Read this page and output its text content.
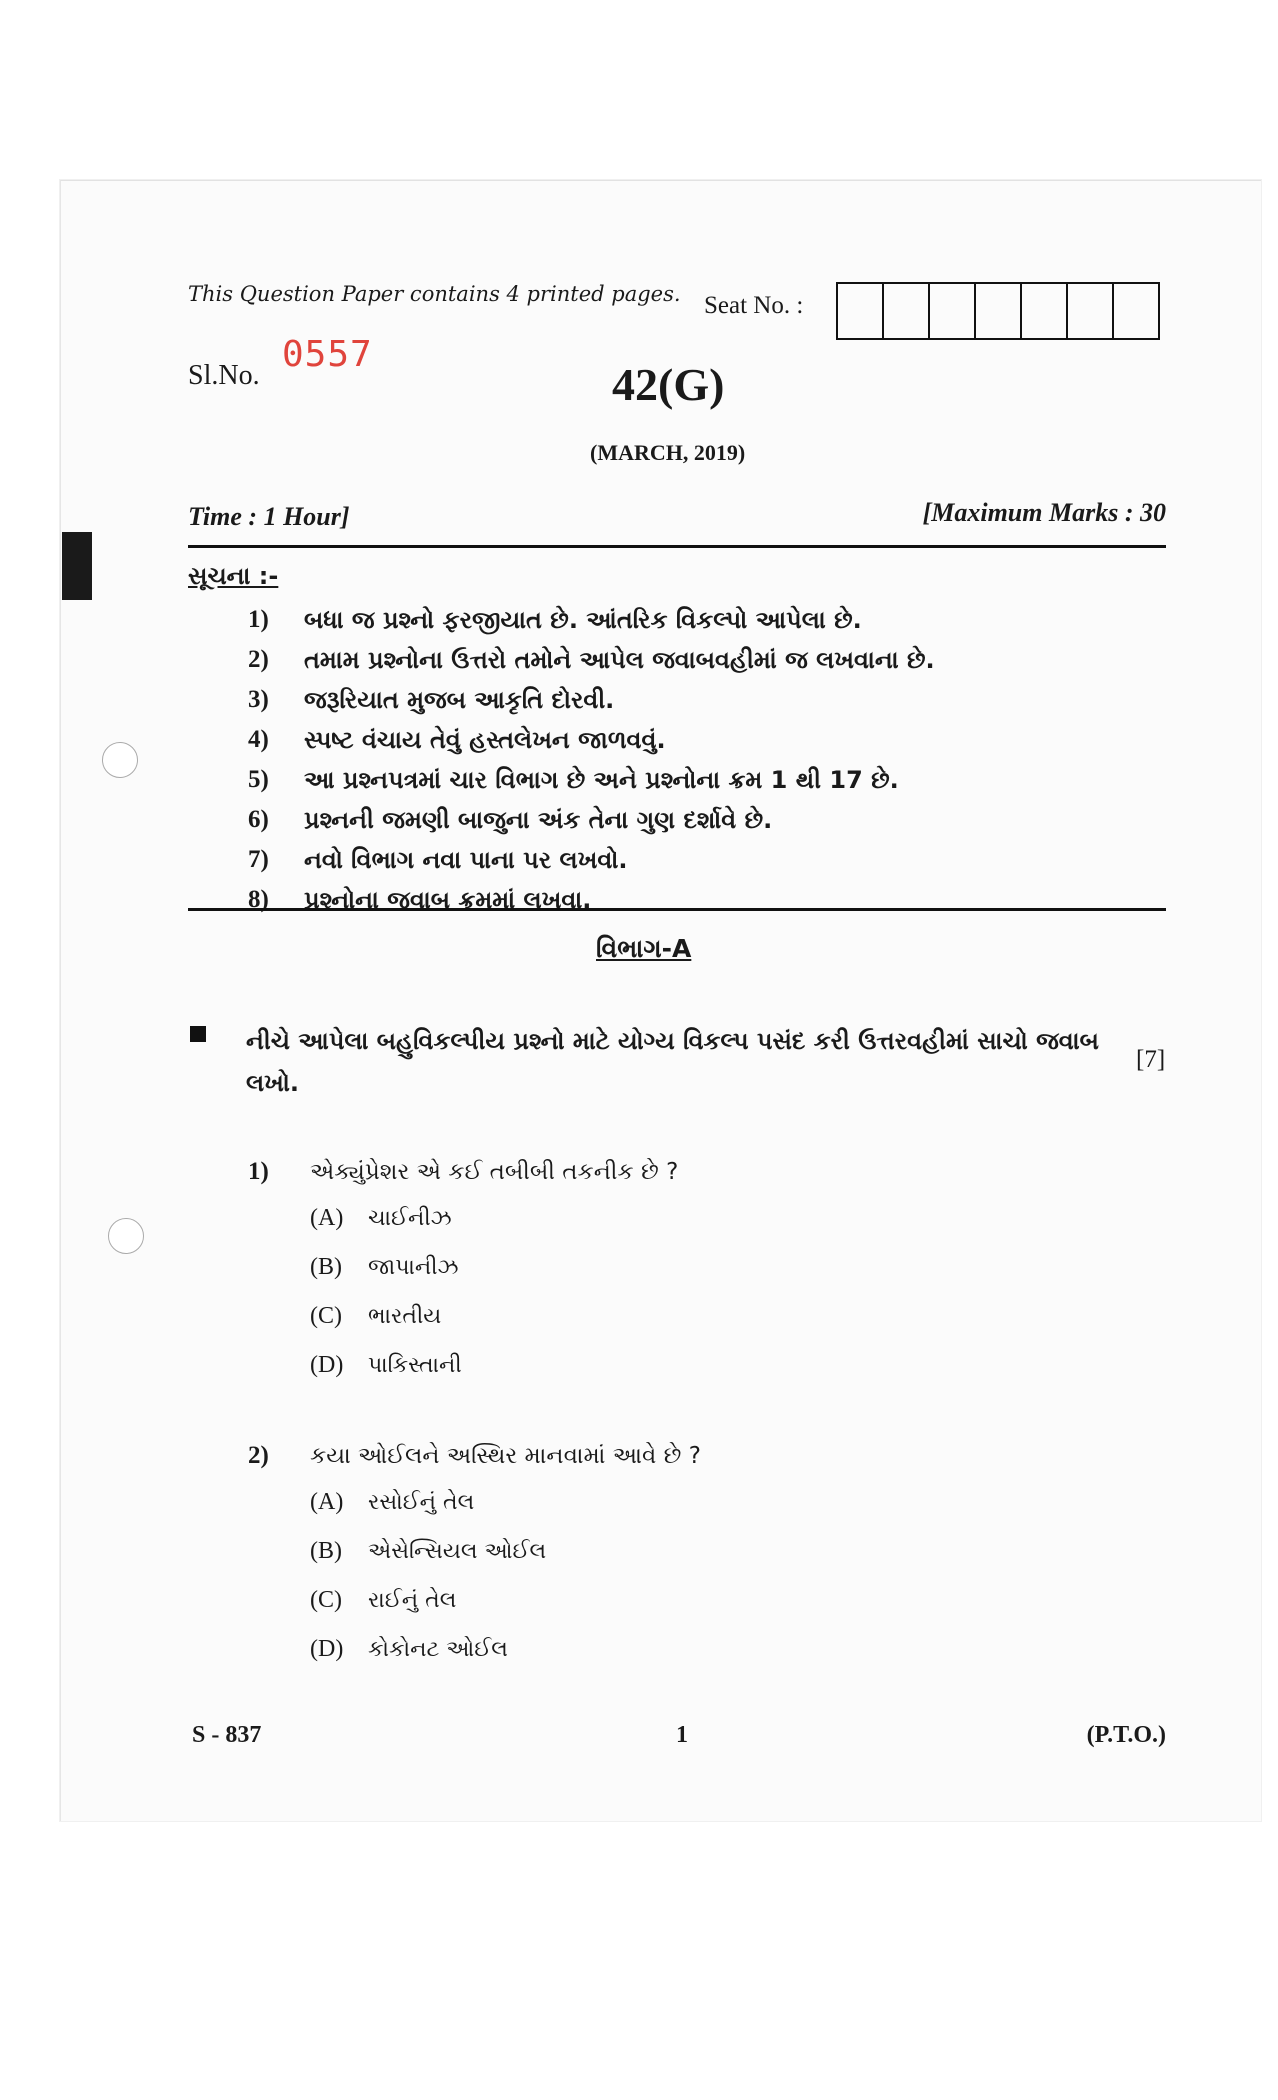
This Question Paper contains 4 printed pages. Seat No. :
Sl.No.
0557
42(G)
(MARCH, 2019)
Time : 1 Hour]	[Maximum Marks : 30
સૂચના :-
1)	બધા જ પ્રશ્નો ફરજીયાત છે. આંતરિક વિકલ્પો આપેલા છે.
2)	તમામ પ્રશ્નોના ઉત્તરો તમોને આપેલ જવાબવહીમાં જ લખવાના છે.
3)	જરૂરિયાત મુજબ આકૃતિ દોરવી.
4)	સ્પષ્ટ વંચાય તેવું હસ્તલેખન જાળવવું.
5)	આ પ્રશ્નપત્રમાં ચાર વિભાગ છે અને પ્રશ્નોના ક્રમ 1 થી 17 છે.
6)	પ્રશ્નની જમણી બાજુના અંક તેના ગુણ દર્શાવે છે.
7)	નવો વિભાગ નવા પાના પર લખવો.
8)	પ્રશ્નોના જવાબ ક્રમમાં લખવા.
વિભાગ-A
નીચે આપેલા બહુવિકલ્પીય પ્રશ્નો માટે યોગ્ય વિકલ્પ પસંદ કરી ઉત્તરવહીમાં સાચો જવાબ લખો.
[7]
1)	એક્યુંપ્રેશર એ કઈ તબીબી તકનીક છે ?
(A)	ચાઈનીઝ
(B)	જાપાનીઝ
(C)	ભારતીય
(D)	પાકિસ્તાની
2)	કયા ઓઈલને અસ્થિર માનવામાં આવે છે ?
(A)	રસોઈનું તેલ
(B)	એસેન્સિયલ ઓઈલ
(C)	રાઈનું તેલ
(D)	કોકોનટ ઓઈલ
S - 837	1	(P.T.O.)
